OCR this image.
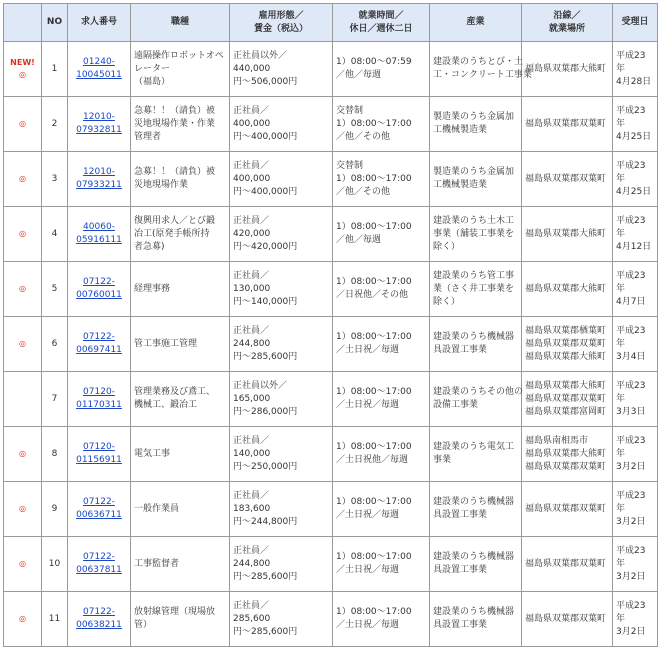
	NO	求人番号	職種	雇用形態／
賃金（税込）	就業時間／
休日／週休二日	産業	沿線／
就業場所	受理日

NEW!
◎	1	01240-
10045011	遠隔操作ロボットオペ
レーター
（福島）	正社員以外／
440,000
円〜506,000円	1）08:00〜07:59
／他／毎週	建設業のうちとび・土
工・コンクリート工事業	福島県双葉郡大熊町	平成23
年
4月28日

◎	2	12010-
07932811	急募！！（請負）被
災地現場作業・作業
管理者	正社員／
400,000
円〜400,000円	交替制
1）08:00〜17:00
／他／その他	製造業のうち金属加
工機械製造業	福島県双葉郡双葉町	平成23
年
4月25日

◎	3	12010-
07933211	急募！！（請負）被
災地現場作業	正社員／
400,000
円〜400,000円	交替制
1）08:00〜17:00
／他／その他	製造業のうち金属加
工機械製造業	福島県双葉郡双葉町	平成23
年
4月25日

◎	4	40060-
05916111	復興用求人／とび鍛
冶工(原発手帳所持
者急募)	正社員／
420,000
円〜420,000円	1）08:00〜17:00
／他／毎週	建設業のうち土木工
事業（舗装工事業を
除く）	福島県双葉郡大熊町	平成23
年
4月12日

◎	5	07122-
00760011	経理事務	正社員／
130,000
円〜140,000円	1）08:00〜17:00
／日祝他／その他	建設業のうち管工事
業（さく井工事業を
除く）	福島県双葉郡大熊町	平成23
年
4月7日

◎	6	07122-
00697411	管工事施工管理	正社員／
244,800
円〜285,600円	1）08:00〜17:00
／土日祝／毎週	建設業のうち機械器
具設置工事業	福島県双葉郡楢葉町
福島県双葉郡双葉町
福島県双葉郡大熊町	平成23
年
3月4日

	7	07120-
01170311	管理業務及び鳶工、
機械工、鍛冶工	正社員以外／
165,000
円〜286,000円	1）08:00〜17:00
／土日祝／毎週	建設業のうちその他の
設備工事業	福島県双葉郡大熊町
福島県双葉郡双葉町
福島県双葉郡富岡町	平成23
年
3月3日

◎	8	07120-
01156911	電気工事	正社員／
140,000
円〜250,000円	1）08:00〜17:00
／土日祝他／毎週	建設業のうち電気工
事業	福島県南相馬市
福島県双葉郡大熊町
福島県双葉郡双葉町	平成23
年
3月2日

◎	9	07122-
00636711	一般作業員	正社員／
183,600
円〜244,800円	1）08:00〜17:00
／土日祝／毎週	建設業のうち機械器
具設置工事業	福島県双葉郡双葉町	平成23
年
3月2日

◎	10	07122-
00637811	工事監督者	正社員／
244,800
円〜285,600円	1）08:00〜17:00
／土日祝／毎週	建設業のうち機械器
具設置工事業	福島県双葉郡双葉町	平成23
年
3月2日

◎	11	07122-
00638211	放射線管理（現場放
管）	正社員／
285,600
円〜285,600円	1）08:00〜17:00
／土日祝／毎週	建設業のうち機械器
具設置工事業	福島県双葉郡双葉町	平成23
年
3月2日
